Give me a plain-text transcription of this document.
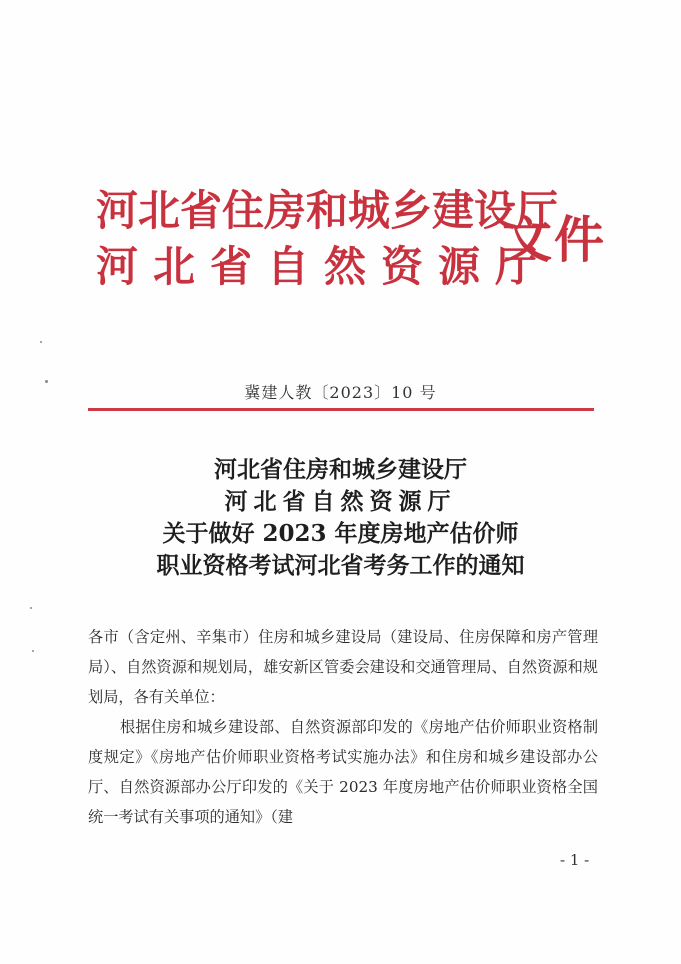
河北省住房和城乡建设厅
河北省自然资源厅
文件
冀建人教〔2023〕10 号
河北省住房和城乡建设厅
河北省自然资源厅
关于做好 2023 年度房地产估价师
职业资格考试河北省考务工作的通知

各市（含定州、辛集市）住房和城乡建设局（建设局、住房保障和房产管理局）、自然资源和规划局，雄安新区管委会建设和交通管理局、自然资源和规划局，各有关单位：

根据住房和城乡建设部、自然资源部印发的《房地产估价师职业资格制度规定》《房地产估价师职业资格考试实施办法》和住房和城乡建设部办公厅、自然资源部办公厅印发的《关于 2023 年度房地产估价师职业资格全国统一考试有关事项的通知》（建

- 1 -
